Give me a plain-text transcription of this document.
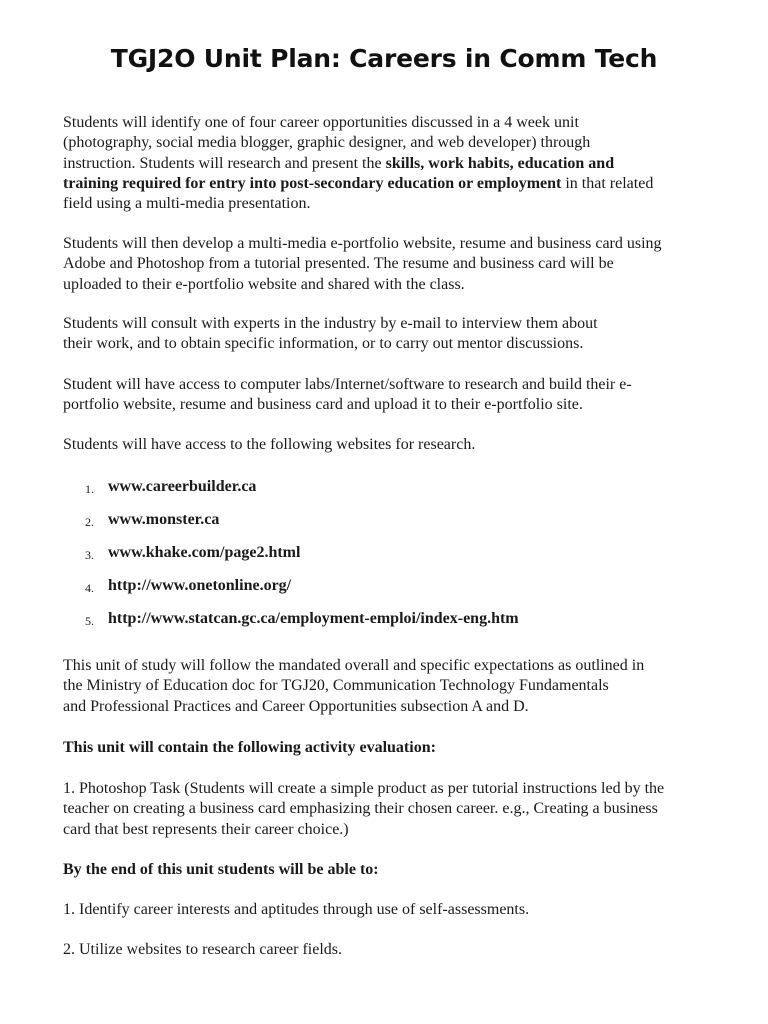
TGJ2O Unit Plan: Careers in Comm Tech

Students will identify one of four career opportunities discussed in a 4 week unit
(photography, social media blogger, graphic designer, and web developer) through
instruction. Students will research and present the skills, work habits, education and
training required for entry into post-secondary education or employment in that related
field using a multi-media presentation.

Students will then develop a multi-media e-portfolio website, resume and business card using
Adobe and Photoshop from a tutorial presented. The resume and business card will be
uploaded to their e-portfolio website and shared with the class.

Students will consult with experts in the industry by e-mail to interview them about
their work, and to obtain specific information, or to carry out mentor discussions.

Student will have access to computer labs/Internet/software to research and build their e-
portfolio website, resume and business card and upload it to their e-portfolio site.

Students will have access to the following websites for research.

1. www.careerbuilder.ca
2. www.monster.ca
3. www.khake.com/page2.html
4. http://www.onetonline.org/
5. http://www.statcan.gc.ca/employment-emploi/index-eng.htm

This unit of study will follow the mandated overall and specific expectations as outlined in
the Ministry of Education doc for TGJ20, Communication Technology Fundamentals
and Professional Practices and Career Opportunities subsection A and D.

This unit will contain the following activity evaluation:

1. Photoshop Task (Students will create a simple product as per tutorial instructions led by the
teacher on creating a business card emphasizing their chosen career. e.g., Creating a business
card that best represents their career choice.)

By the end of this unit students will be able to:

1. Identify career interests and aptitudes through use of self-assessments.

2. Utilize websites to research career fields.
